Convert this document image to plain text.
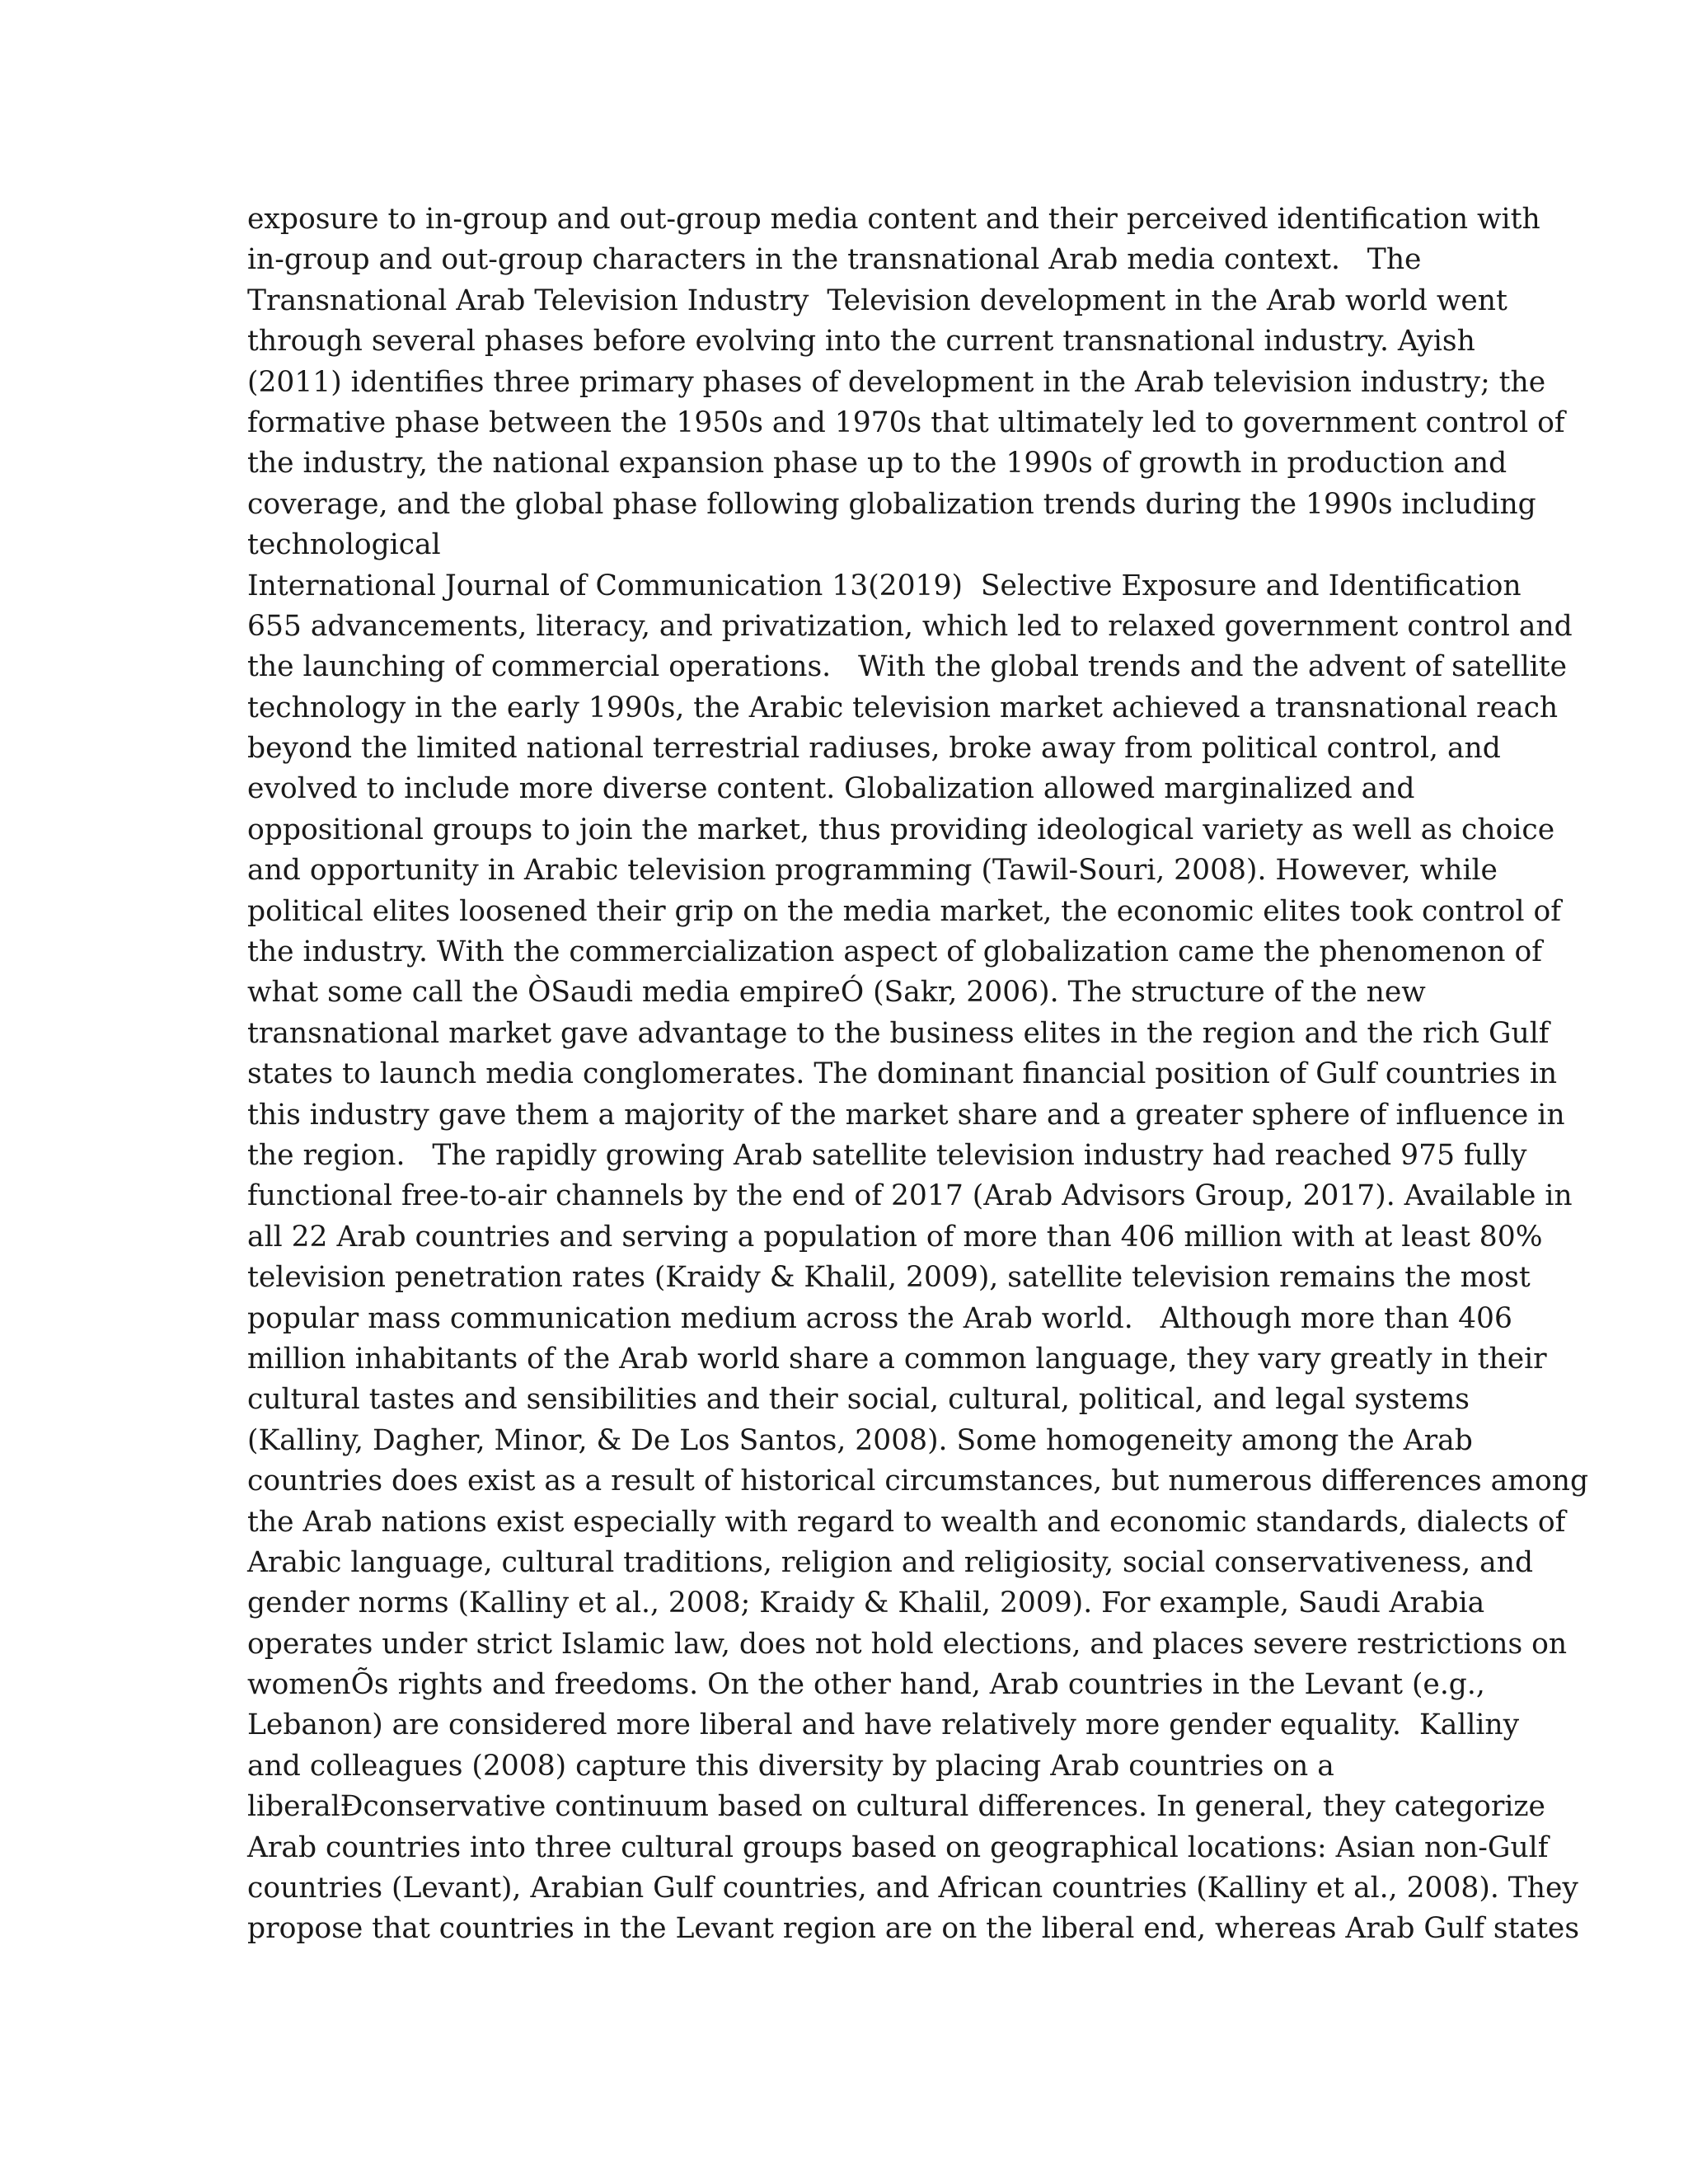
exposure to in-group and out-group media content and their perceived identification with
in-group and out-group characters in the transnational Arab media context.   The
Transnational Arab Television Industry  Television development in the Arab world went
through several phases before evolving into the current transnational industry. Ayish
(2011) identifies three primary phases of development in the Arab television industry; the
formative phase between the 1950s and 1970s that ultimately led to government control of
the industry, the national expansion phase up to the 1990s of growth in production and
coverage, and the global phase following globalization trends during the 1990s including
technological
International Journal of Communication 13(2019)  Selective Exposure and Identification
655 advancements, literacy, and privatization, which led to relaxed government control and
the launching of commercial operations.   With the global trends and the advent of satellite
technology in the early 1990s, the Arabic television market achieved a transnational reach
beyond the limited national terrestrial radiuses, broke away from political control, and
evolved to include more diverse content. Globalization allowed marginalized and
oppositional groups to join the market, thus providing ideological variety as well as choice
and opportunity in Arabic television programming (Tawil-Souri, 2008). However, while
political elites loosened their grip on the media market, the economic elites took control of
the industry. With the commercialization aspect of globalization came the phenomenon of
what some call the ÒSaudi media empireÓ (Sakr, 2006). The structure of the new
transnational market gave advantage to the business elites in the region and the rich Gulf
states to launch media conglomerates. The dominant financial position of Gulf countries in
this industry gave them a majority of the market share and a greater sphere of influence in
the region.   The rapidly growing Arab satellite television industry had reached 975 fully
functional free-to-air channels by the end of 2017 (Arab Advisors Group, 2017). Available in
all 22 Arab countries and serving a population of more than 406 million with at least 80%
television penetration rates (Kraidy & Khalil, 2009), satellite television remains the most
popular mass communication medium across the Arab world.   Although more than 406
million inhabitants of the Arab world share a common language, they vary greatly in their
cultural tastes and sensibilities and their social, cultural, political, and legal systems
(Kalliny, Dagher, Minor, & De Los Santos, 2008). Some homogeneity among the Arab
countries does exist as a result of historical circumstances, but numerous differences among
the Arab nations exist especially with regard to wealth and economic standards, dialects of
Arabic language, cultural traditions, religion and religiosity, social conservativeness, and
gender norms (Kalliny et al., 2008; Kraidy & Khalil, 2009). For example, Saudi Arabia
operates under strict Islamic law, does not hold elections, and places severe restrictions on
womenÕs rights and freedoms. On the other hand, Arab countries in the Levant (e.g.,
Lebanon) are considered more liberal and have relatively more gender equality.  Kalliny
and colleagues (2008) capture this diversity by placing Arab countries on a
liberalÐconservative continuum based on cultural differences. In general, they categorize
Arab countries into three cultural groups based on geographical locations: Asian non-Gulf
countries (Levant), Arabian Gulf countries, and African countries (Kalliny et al., 2008). They
propose that countries in the Levant region are on the liberal end, whereas Arab Gulf states
